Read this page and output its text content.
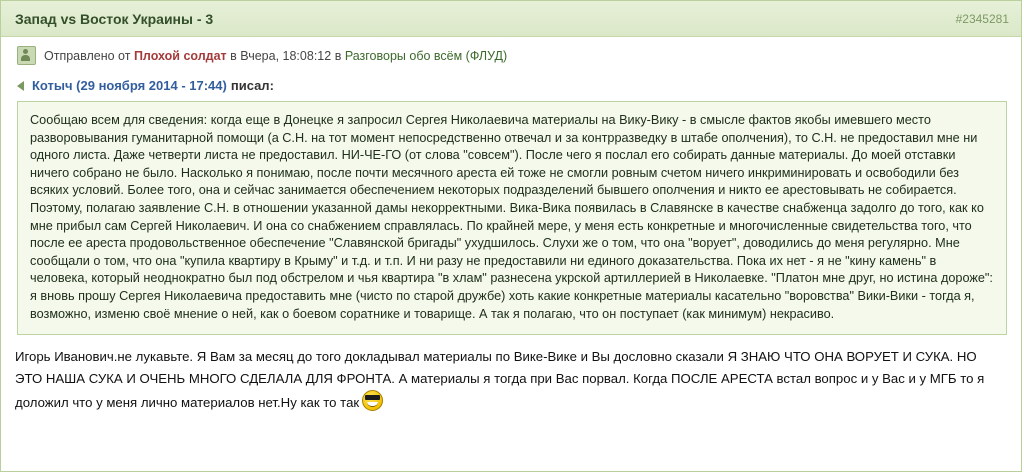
Запад vs Восток Украины - 3	#2345281
Отправлено от
Плохой солдат
в
Вчера, 18:08:12
в
Разговоры обо всём (ФЛУД)
Котыч (29 ноября 2014 - 17:44) писал:
Сообщаю всем для сведения: когда еще в Донецке я запросил Сергея Николаевича материалы на Вику-Вику - в смысле фактов якобы имевшего место разворовывания гуманитарной помощи (а С.Н. на тот момент непосредственно отвечал и за контрразведку в штабе ополчения), то С.Н. не предоставил мне ни одного листа. Даже четверти листа не предоставил. НИ-ЧЕ-ГО (от слова "совсем"). После чего я послал его собирать данные материалы. До моей отставки ничего собрано не было. Насколько я понимаю, после почти месячного ареста ей тоже не смогли ровным счетом ничего инкриминировать и освободили без всяких условий. Более того, она и сейчас занимается обеспечением некоторых подразделений бывшего ополчения и никто ее арестовывать не собирается. Поэтому, полагаю заявление С.Н. в отношении указанной дамы некорректными. Вика-Вика появилась в Славянске в качестве снабженца задолго до того, как ко мне прибыл сам Сергей Николаевич. И она со снабжением справлялась. По крайней мере, у меня есть конкретные и многочисленные свидетельства того, что после ее ареста продовольственное обеспечение "Славянской бригады" ухудшилось. Слухи же о том, что она "ворует", доводились до меня регулярно. Мне сообщали о том, что она "купила квартиру в Крыму" и т.д. и т.п. И ни разу не предоставили ни единого доказательства. Пока их нет - я не "кину камень" в человека, который неоднократно был под обстрелом и чья квартира "в хлам" разнесена укрской артиллерией в Николаевке. "Платон мне друг, но истина дороже": я вновь прошу Сергея Николаевича предоставить мне (чисто по старой дружбе) хоть какие конкретные материалы касательно "воровства" Вики-Вики - тогда я, возможно, изменю своё мнение о ней, как о боевом соратнике и товарище. А так я полагаю, что он поступает (как минимум) некрасиво.
Игорь Иванович.не лукавьте. Я Вам за месяц до того докладывал материалы по Вике-Вике и Вы дословно сказали Я ЗНАЮ ЧТО ОНА ВОРУЕТ И СУКА. НО ЭТО НАША СУКА И ОЧЕНЬ МНОГО СДЕЛАЛА ДЛЯ ФРОНТА. А материалы я тогда при Вас порвал. Когда ПОСЛЕ АРЕСТА встал вопрос и у Вас и у МГБ то я доложил что у меня лично материалов нет.Ну как то так
